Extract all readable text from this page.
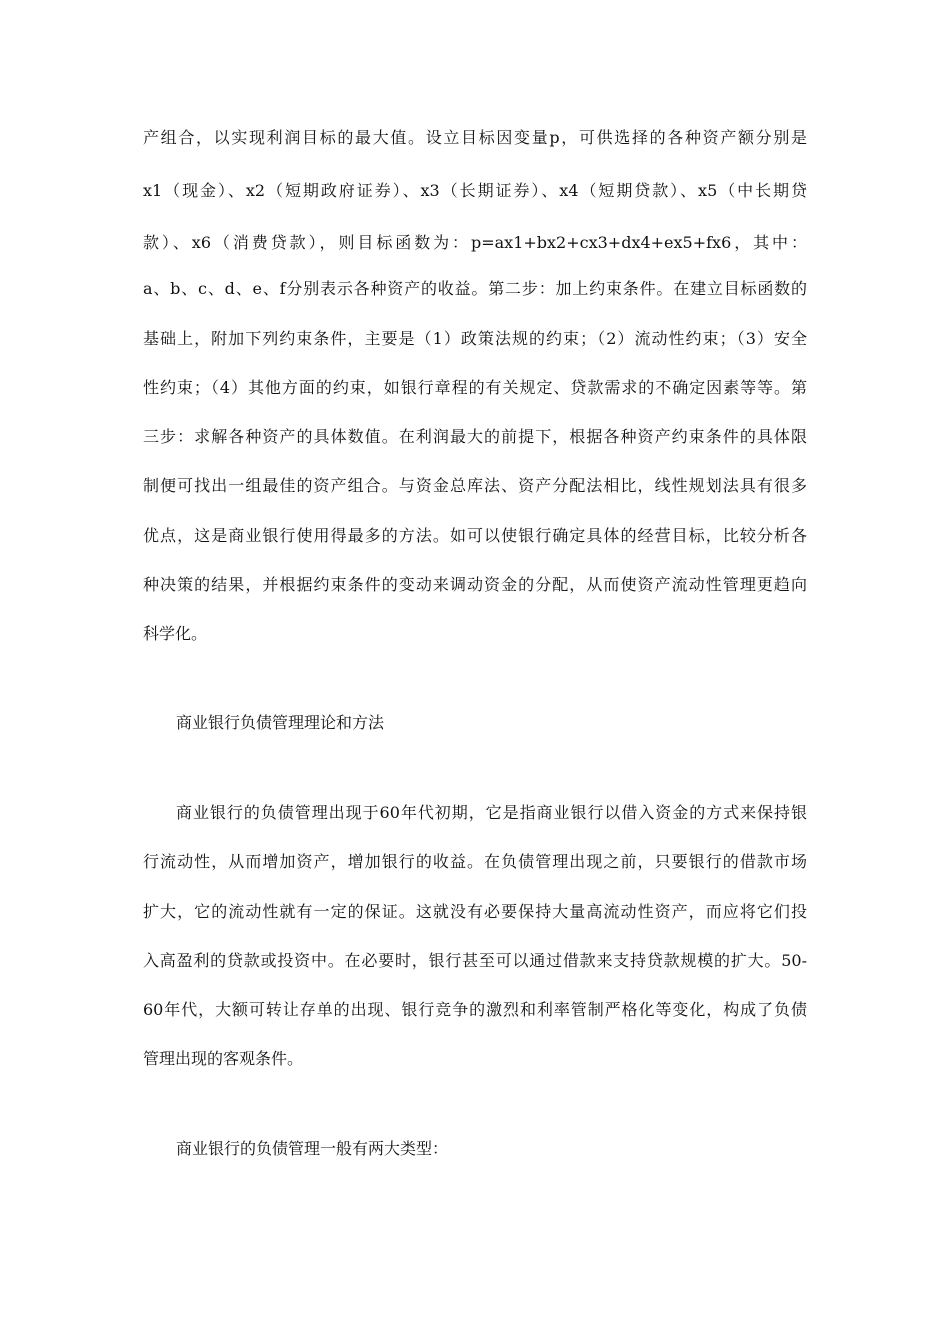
产组合，以实现利润目标的最大值。设立目标因变量p，可供选择的各种资产额分别是
x1（现金）、x2（短期政府证券）、x3（长期证券）、x4（短期贷款）、x5（中长期贷
款）、x6（消费贷款），则目标函数为：p=ax1+bx2+cx3+dx4+ex5+fx6，其中：
a、b、c、d、e、f分别表示各种资产的收益。第二步：加上约束条件。在建立目标函数的
基础上，附加下列约束条件，主要是（1）政策法规的约束；（2）流动性约束；（3）安全
性约束；（4）其他方面的约束，如银行章程的有关规定、贷款需求的不确定因素等等。第
三步：求解各种资产的具体数值。在利润最大的前提下，根据各种资产约束条件的具体限
制便可找出一组最佳的资产组合。与资金总库法、资产分配法相比，线性规划法具有很多
优点，这是商业银行使用得最多的方法。如可以使银行确定具体的经营目标，比较分析各
种决策的结果，并根据约束条件的变动来调动资金的分配，从而使资产流动性管理更趋向
科学化。
商业银行负债管理理论和方法
商业银行的负债管理出现于60年代初期，它是指商业银行以借入资金的方式来保持银
行流动性，从而增加资产，增加银行的收益。在负债管理出现之前，只要银行的借款市场
扩大，它的流动性就有一定的保证。这就没有必要保持大量高流动性资产，而应将它们投
入高盈利的贷款或投资中。在必要时，银行甚至可以通过借款来支持贷款规模的扩大。50-
60年代，大额可转让存单的出现、银行竞争的激烈和利率管制严格化等变化，构成了负债
管理出现的客观条件。
商业银行的负债管理一般有两大类型：
